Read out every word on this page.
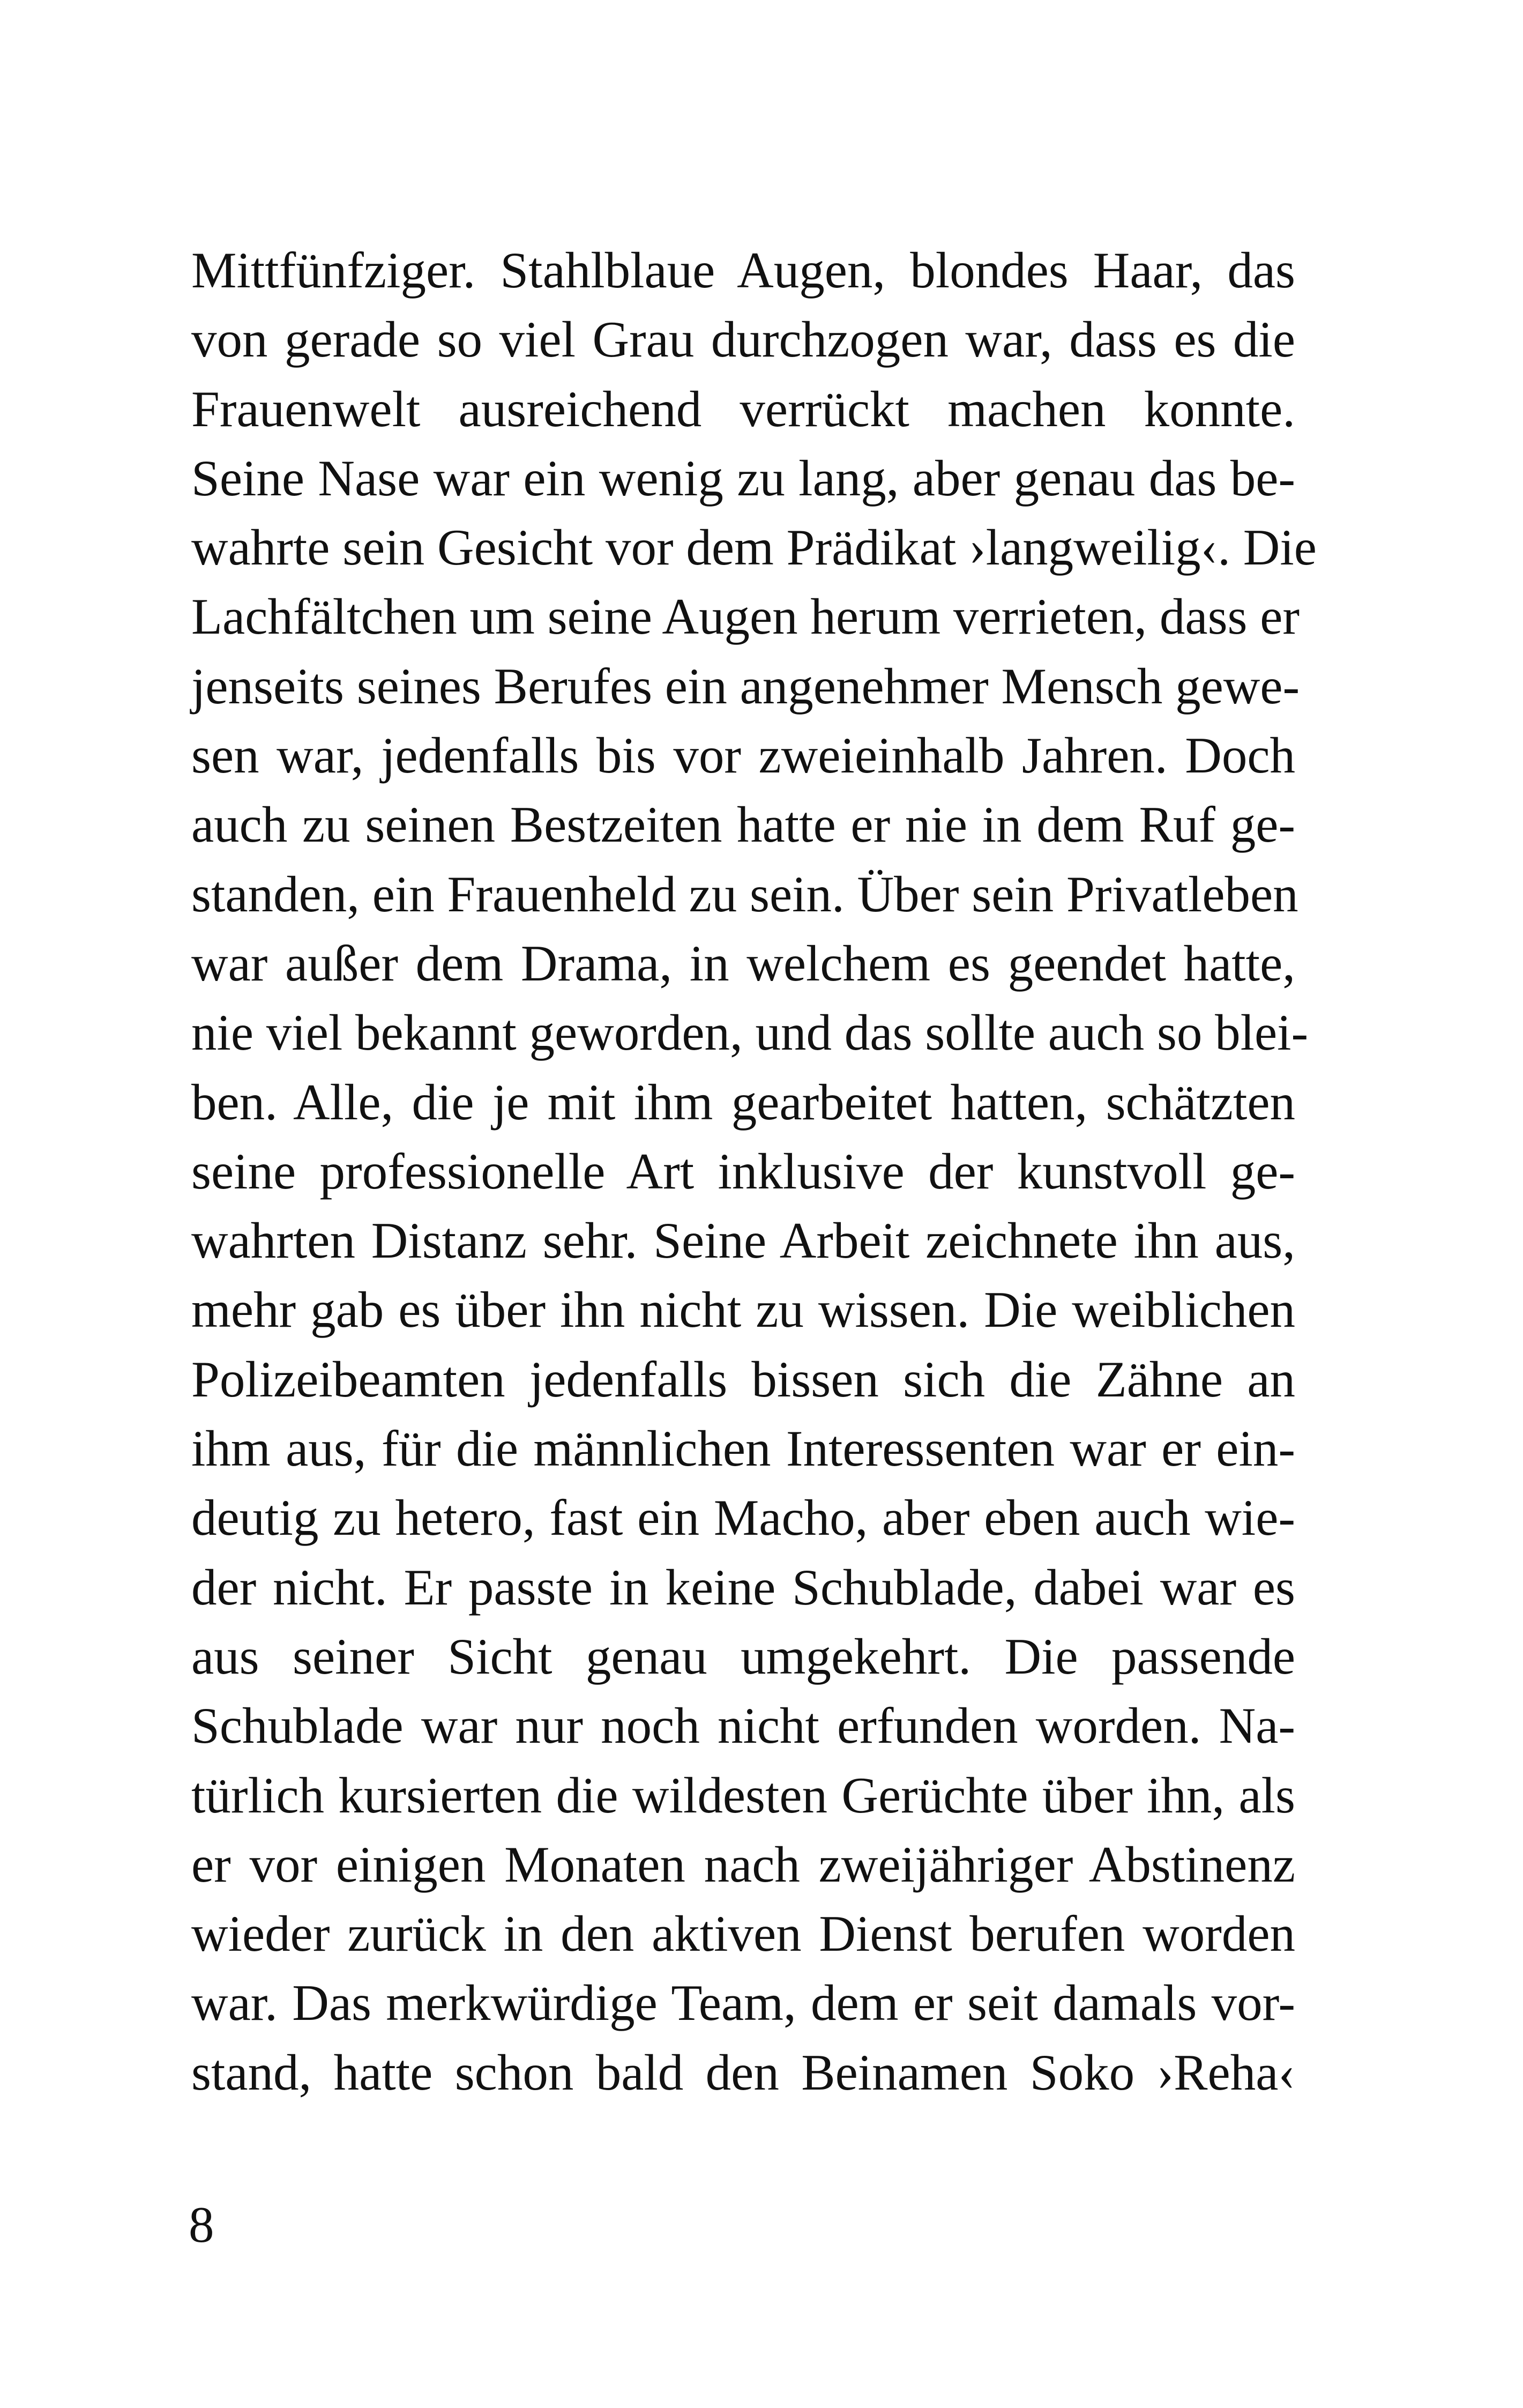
Mittfünfziger. Stahlblaue Augen, blondes Haar, das
von gerade so viel Grau durchzogen war, dass es die
Frauenwelt ausreichend verrückt machen konnte.
Seine Nase war ein wenig zu lang, aber genau das be-
wahrte sein Gesicht vor dem Prädikat ›langweilig‹. Die
Lachfältchen um seine Augen herum verrieten, dass er
jenseits seines Berufes ein angenehmer Mensch gewe-
sen war, jedenfalls bis vor zweieinhalb Jahren. Doch
auch zu seinen Bestzeiten hatte er nie in dem Ruf ge-
standen, ein Frauenheld zu sein. Über sein Privatleben
war außer dem Drama, in welchem es geendet hatte,
nie viel bekannt geworden, und das sollte auch so blei-
ben. Alle, die je mit ihm gearbeitet hatten, schätzten
seine professionelle Art inklusive der kunstvoll ge-
wahrten Distanz sehr. Seine Arbeit zeichnete ihn aus,
mehr gab es über ihn nicht zu wissen. Die weiblichen
Polizeibeamten jedenfalls bissen sich die Zähne an
ihm aus, für die männlichen Interessenten war er ein-
deutig zu hetero, fast ein Macho, aber eben auch wie-
der nicht. Er passte in keine Schublade, dabei war es
aus seiner Sicht genau umgekehrt. Die passende
Schublade war nur noch nicht erfunden worden. Na-
türlich kursierten die wildesten Gerüchte über ihn, als
er vor einigen Monaten nach zweijähriger Abstinenz
wieder zurück in den aktiven Dienst berufen worden
war. Das merkwürdige Team, dem er seit damals vor-
stand, hatte schon bald den Beinamen Soko ›Reha‹
8
